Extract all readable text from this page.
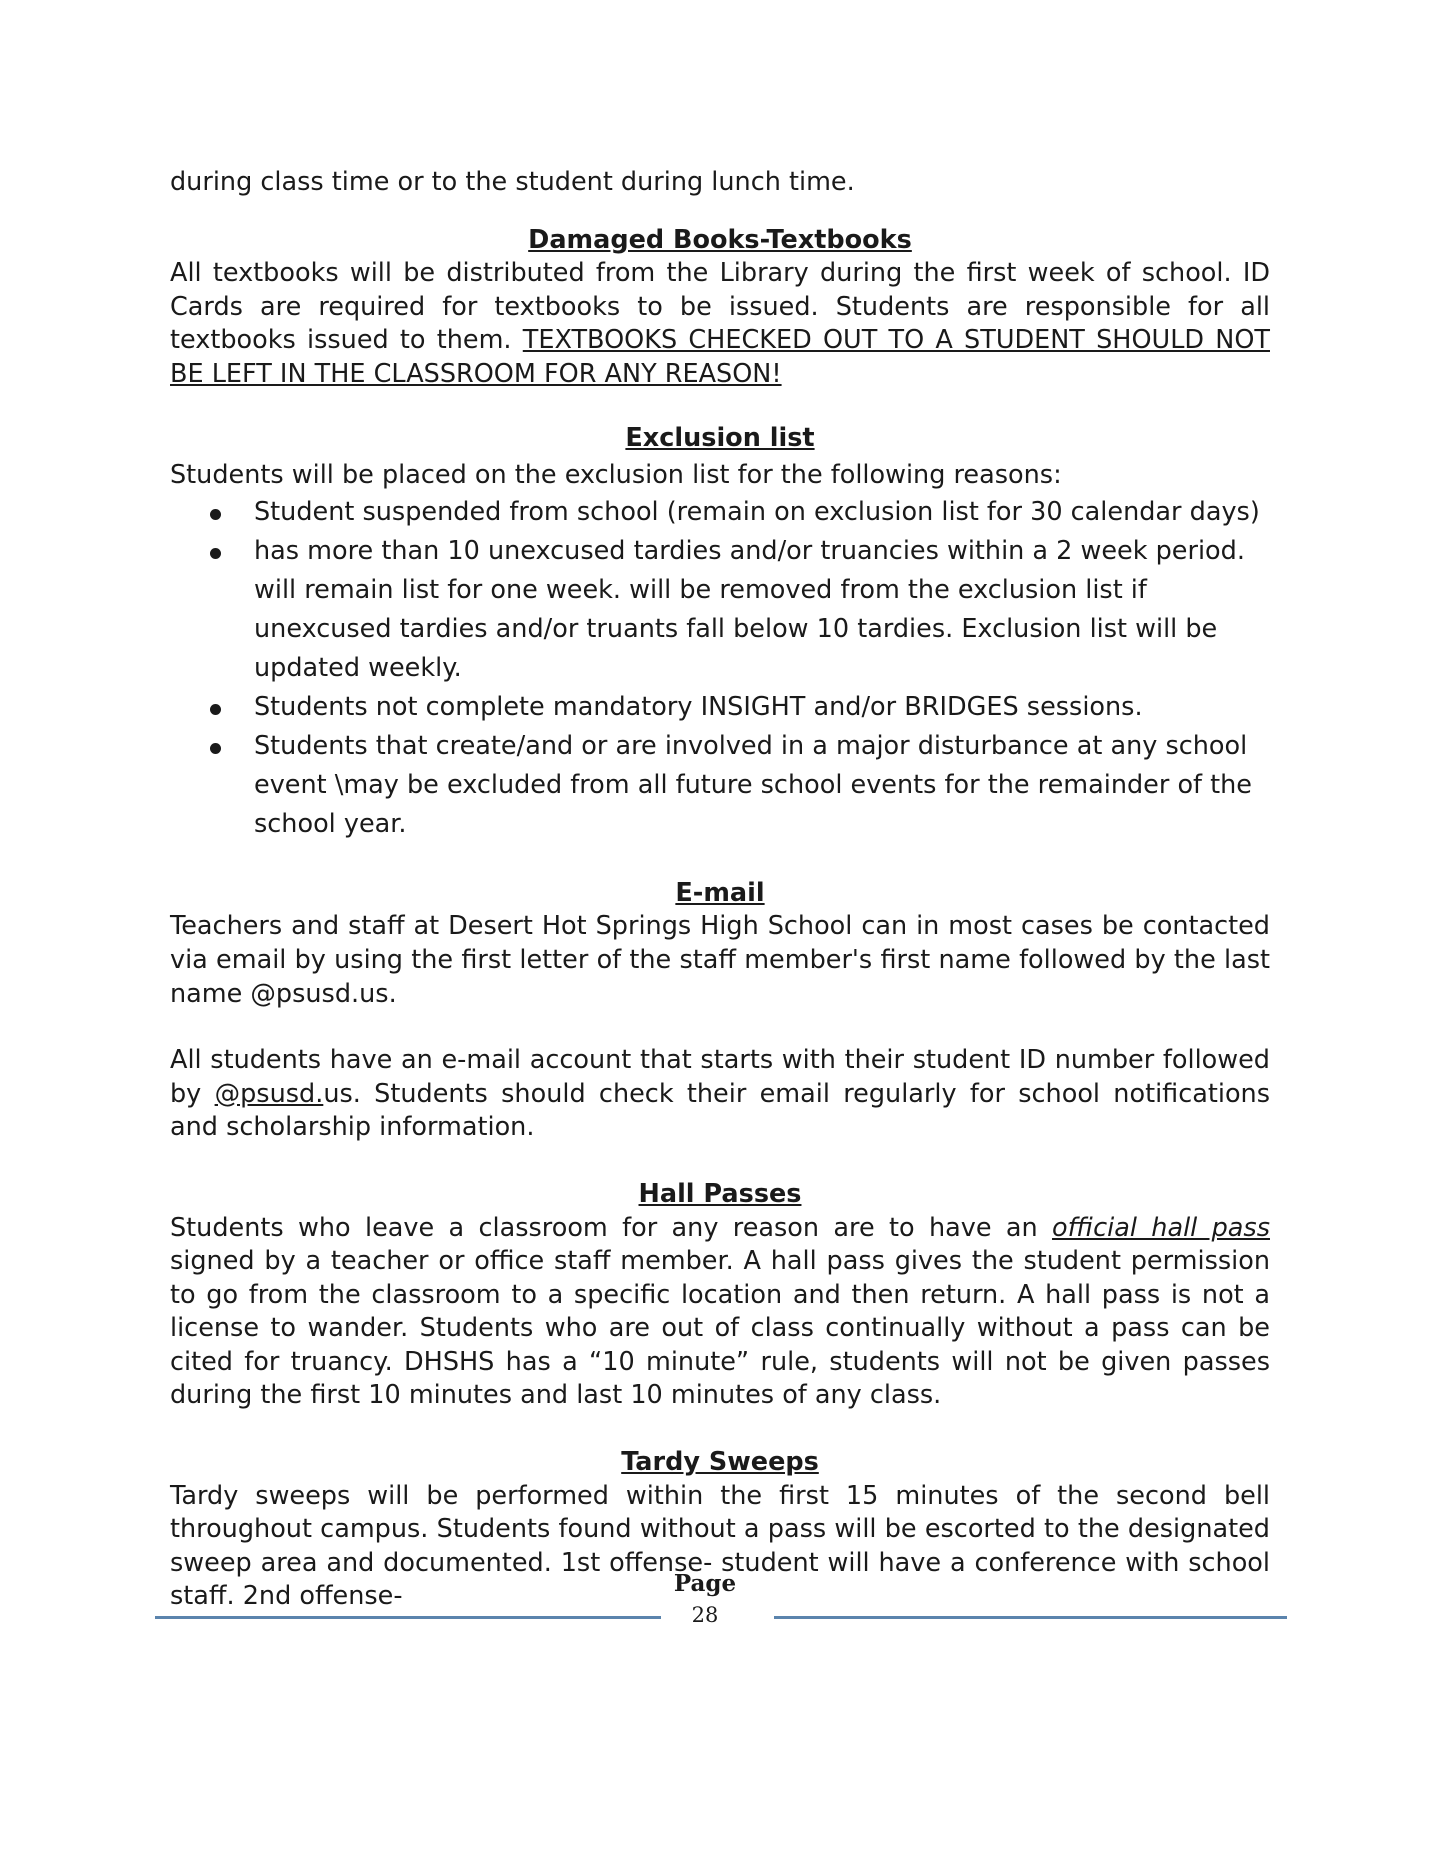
during class time or to the student during lunch time.

Damaged Books-Textbooks

All textbooks will be distributed from the Library during the first week of school. ID Cards are required for textbooks to be issued. Students are responsible for all textbooks issued to them. TEXTBOOKS CHECKED OUT TO A STUDENT SHOULD NOT BE LEFT IN THE CLASSROOM FOR ANY REASON!

Exclusion list

Students will be placed on the exclusion list for the following reasons:

Student suspended from school (remain on exclusion list for 30 calendar days)
has more than 10 unexcused tardies and/or truancies within a 2 week period. will remain list for one week. will be removed from the exclusion list if unexcused tardies and/or truants fall below 10 tardies. Exclusion list will be updated weekly.
Students not complete mandatory INSIGHT and/or BRIDGES sessions.
Students that create/and or are involved in a major disturbance at any school event \may be excluded from all future school events for the remainder of the school year.

E-mail

Teachers and staff at Desert Hot Springs High School can in most cases be contacted via email by using the first letter of the staff member's first name followed by the last name @psusd.us.

All students have an e-mail account that starts with their student ID number followed by @psusd.us. Students should check their email regularly for school notifications and scholarship information.

Hall Passes

Students who leave a classroom for any reason are to have an official hall pass signed by a teacher or office staff member. A hall pass gives the student permission to go from the classroom to a specific location and then return. A hall pass is not a license to wander. Students who are out of class continually without a pass can be cited for truancy. DHSHS has a “10 minute” rule, students will not be given passes during the first 10 minutes and last 10 minutes of any class.

Tardy Sweeps

Tardy sweeps will be performed within the first 15 minutes of the second bell throughout campus. Students found without a pass will be escorted to the designated sweep area and documented. 1st offense- student will have a conference with school staff. 2nd offense-	Page
28
